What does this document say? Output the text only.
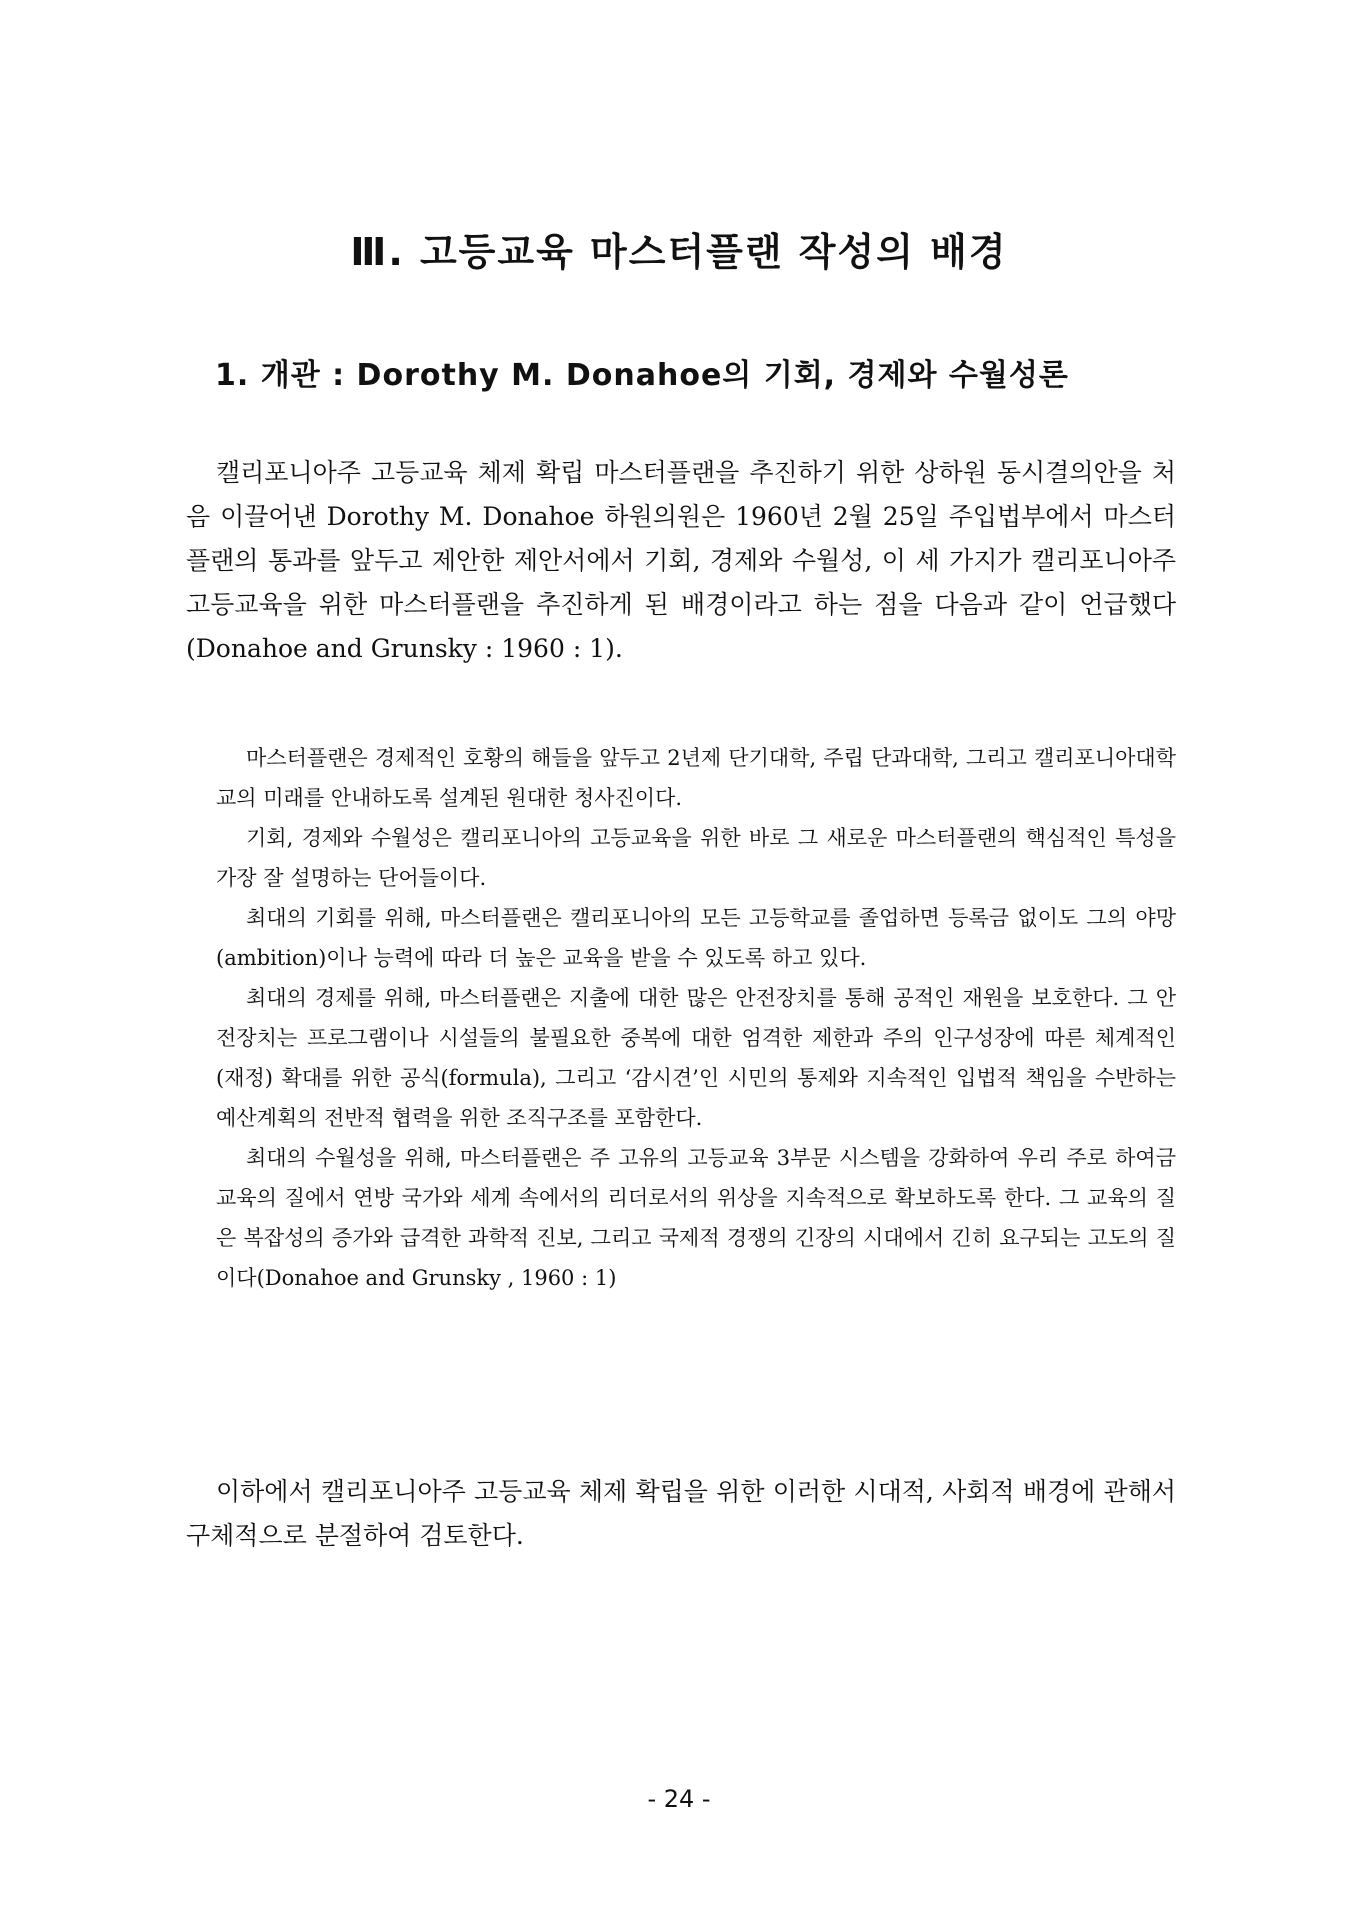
Ⅲ. 고등교육 마스터플랜 작성의 배경
1. 개관 : Dorothy M. Donahoe의 기회, 경제와 수월성론

캘리포니아주 고등교육 체제 확립 마스터플랜을 추진하기 위한 상하원 동시결의안을 처음 이끌어낸 Dorothy M. Donahoe 하원의원은 1960년 2월 25일 주입법부에서 마스터플랜의 통과를 앞두고 제안한 제안서에서 기회, 경제와 수월성, 이 세 가지가 캘리포니아주 고등교육을 위한 마스터플랜을 추진하게 된 배경이라고 하는 점을 다음과 같이 언급했다(Donahoe and Grunsky : 1960 : 1).

마스터플랜은 경제적인 호황의 해들을 앞두고 2년제 단기대학, 주립 단과대학, 그리고 캘리포니아대학교의 미래를 안내하도록 설계된 원대한 청사진이다.

기회, 경제와 수월성은 캘리포니아의 고등교육을 위한 바로 그 새로운 마스터플랜의 핵심적인 특성을 가장 잘 설명하는 단어들이다.

최대의 기회를 위해, 마스터플랜은 캘리포니아의 모든 고등학교를 졸업하면 등록금 없이도 그의 야망(ambition)이나 능력에 따라 더 높은 교육을 받을 수 있도록 하고 있다.

최대의 경제를 위해, 마스터플랜은 지출에 대한 많은 안전장치를 통해 공적인 재원을 보호한다. 그 안전장치는 프로그램이나 시설들의 불필요한 중복에 대한 엄격한 제한과 주의 인구성장에 따른 체계적인 (재정) 확대를 위한 공식(formula), 그리고 ‘감시견’인 시민의 통제와 지속적인 입법적 책임을 수반하는 예산계획의 전반적 협력을 위한 조직구조를 포함한다.

최대의 수월성을 위해, 마스터플랜은 주 고유의 고등교육 3부문 시스템을 강화하여 우리 주로 하여금 교육의 질에서 연방 국가와 세계 속에서의 리더로서의 위상을 지속적으로 확보하도록 한다. 그 교육의 질은 복잡성의 증가와 급격한 과학적 진보, 그리고 국제적 경쟁의 긴장의 시대에서 긴히 요구되는 고도의 질이다(Donahoe and Grunsky , 1960 : 1)

이하에서 캘리포니아주 고등교육 체제 확립을 위한 이러한 시대적, 사회적 배경에 관해서 구체적으로 분절하여 검토한다.

- 24 -
